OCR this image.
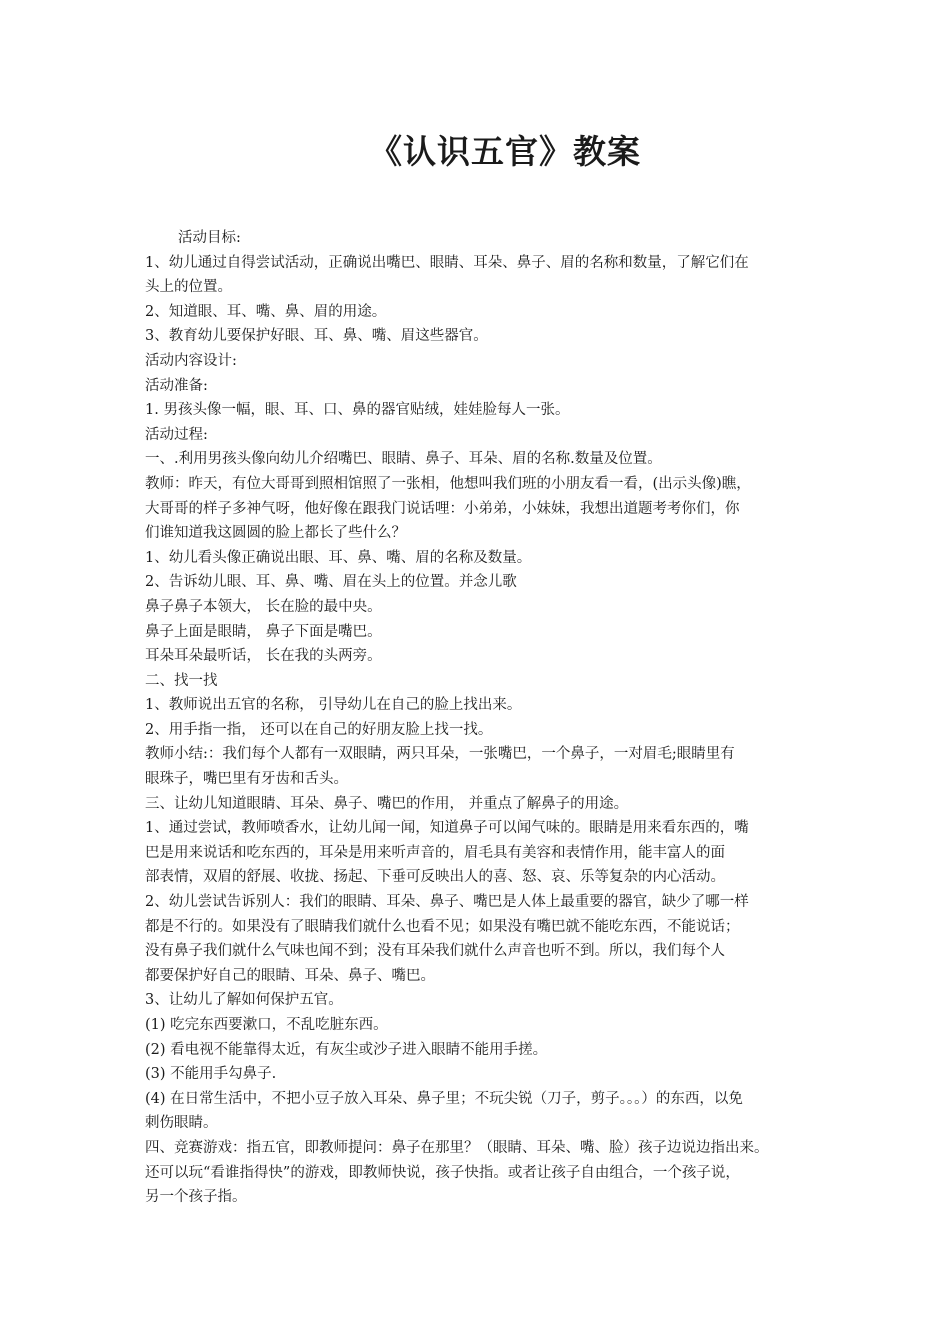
《认识五官》教案
活动目标:
1、幼儿通过自得尝试活动，正确说出嘴巴、眼睛、耳朵、鼻子、眉的名称和数量，了解它们在
头上的位置。
2、知道眼、耳、嘴、鼻、眉的用途。
3、教育幼儿要保护好眼、耳、鼻、嘴、眉这些器官。
活动内容设计:
活动准备:
1. 男孩头像一幅，眼、耳、口、鼻的器官贴绒，娃娃脸每人一张。
活动过程:
一、.利用男孩头像向幼儿介绍嘴巴、眼睛、鼻子、耳朵、眉的名称.数量及位置。
教师：昨天，有位大哥哥到照相馆照了一张相，他想叫我们班的小朋友看一看，(出示头像)瞧，
大哥哥的样子多神气呀，他好像在跟我门说话哩：小弟弟，小妹妹，我想出道题考考你们，你
们谁知道我这圆圆的脸上都长了些什么？
1、幼儿看头像正确说出眼、耳、鼻、嘴、眉的名称及数量。
2、告诉幼儿眼、耳、鼻、嘴、眉在头上的位置。并念儿歌
鼻子鼻子本领大， 长在脸的最中央。
鼻子上面是眼睛， 鼻子下面是嘴巴。
耳朵耳朵最听话， 长在我的头两旁。
二、找一找
1、教师说出五官的名称， 引导幼儿在自己的脸上找出来。
2、用手指一指， 还可以在自己的好朋友脸上找一找。
教师小结:：我们每个人都有一双眼睛，两只耳朵，一张嘴巴，一个鼻子，一对眉毛;眼睛里有
眼珠子，嘴巴里有牙齿和舌头。
三、让幼儿知道眼睛、耳朵、鼻子、嘴巴的作用， 并重点了解鼻子的用途。
1、通过尝试，教师喷香水，让幼儿闻一闻，知道鼻子可以闻气味的。眼睛是用来看东西的，嘴
巴是用来说话和吃东西的，耳朵是用来听声音的，眉毛具有美容和表情作用，能丰富人的面
部表情，双眉的舒展、收拢、扬起、下垂可反映出人的喜、怒、哀、乐等复杂的内心活动。
2、幼儿尝试告诉别人：我们的眼睛、耳朵、鼻子、嘴巴是人体上最重要的器官，缺少了哪一样
都是不行的。如果没有了眼睛我们就什么也看不见；如果没有嘴巴就不能吃东西，不能说话；
没有鼻子我们就什么气味也闻不到；没有耳朵我们就什么声音也听不到。所以，我们每个人
都要保护好自己的眼睛、耳朵、鼻子、嘴巴。
3、让幼儿了解如何保护五官。
(1) 吃完东西要漱口，不乱吃脏东西。
(2) 看电视不能靠得太近，有灰尘或沙子进入眼睛不能用手搓。
(3) 不能用手勾鼻子.
(4) 在日常生活中，不把小豆子放入耳朵、鼻子里；不玩尖锐（刀子，剪子。。。）的东西，以免
刺伤眼睛。
四、竞赛游戏：指五官，即教师提问：鼻子在那里？（眼睛、耳朵、嘴、脸）孩子边说边指出来。
还可以玩“看谁指得快”的游戏，即教师快说，孩子快指。或者让孩子自由组合，一个孩子说，
另一个孩子指。
